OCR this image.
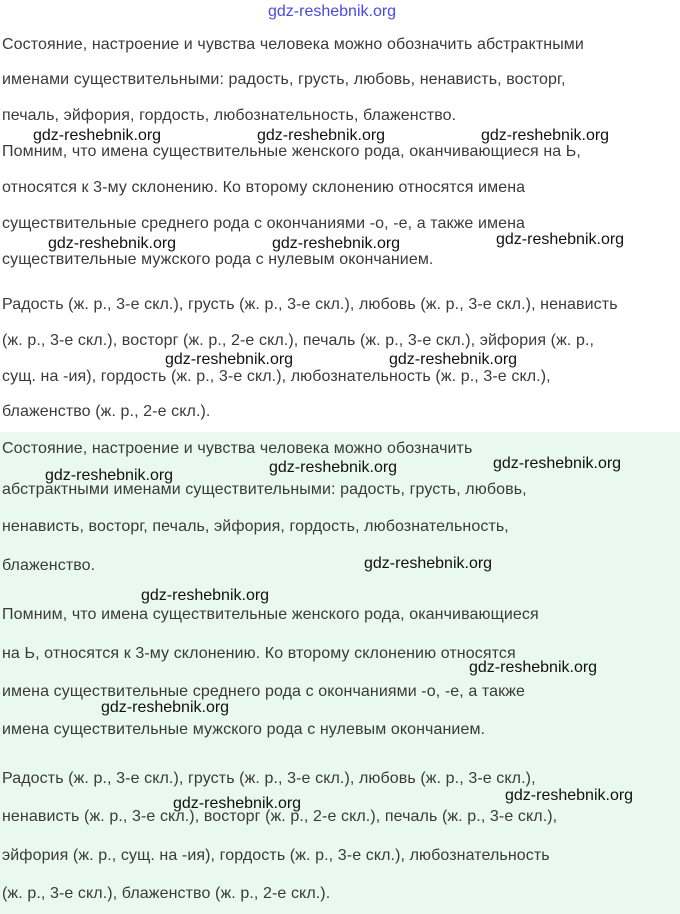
Состояние, настроение и чувства человека можно обозначить абстрактными
именами существительными: радость, грусть, любовь, ненависть, восторг,
печаль, эйфория, гордость, любознательность, блаженство.
Помним, что имена существительные женского рода, оканчивающиеся на Ь,
относятся к 3-му склонению. Ко второму склонению относятся имена
существительные среднего рода с окончаниями -о, -е, а также имена
существительные мужского рода с нулевым окончанием.
Радость (ж. р., 3-е скл.), грусть (ж. р., 3-е скл.), любовь (ж. р., 3-е скл.), ненависть
(ж. р., 3-е скл.), восторг (ж. р., 2-е скл.), печаль (ж. р., 3-е скл.), эйфория (ж. р.,
сущ. на -ия), гордость (ж. р., 3-е скл.), любознательность (ж. р., 3-е скл.),
блаженство (ж. р., 2-е скл.).
Состояние, настроение и чувства человека можно обозначить
абстрактными именами существительными: радость, грусть, любовь,
ненависть, восторг, печаль, эйфория, гордость, любознательность,
блаженство.
Помним, что имена существительные женского рода, оканчивающиеся
на Ь, относятся к 3-му склонению. Ко второму склонению относятся
имена существительные среднего рода с окончаниями -о, -е, а также
имена существительные мужского рода с нулевым окончанием.
Радость (ж. р., 3-е скл.), грусть (ж. р., 3-е скл.), любовь (ж. р., 3-е скл.),
ненависть (ж. р., 3-е скл.), восторг (ж. р., 2-е скл.), печаль (ж. р., 3-е скл.),
эйфория (ж. р., сущ. на -ия), гордость (ж. р., 3-е скл.), любознательность
(ж. р., 3-е скл.), блаженство (ж. р., 2-е скл.).
gdz-reshebnik.org
gdz-reshebnik.org	gdz-reshebnik.org	gdz-reshebnik.org
gdz-reshebnik.org	gdz-reshebnik.org	gdz-reshebnik.org
gdz-reshebnik.org	gdz-reshebnik.org
gdz-reshebnik.org	gdz-reshebnik.org	gdz-reshebnik.org
gdz-reshebnik.org
gdz-reshebnik.org
gdz-reshebnik.org
gdz-reshebnik.org
gdz-reshebnik.org
gdz-reshebnik.org
